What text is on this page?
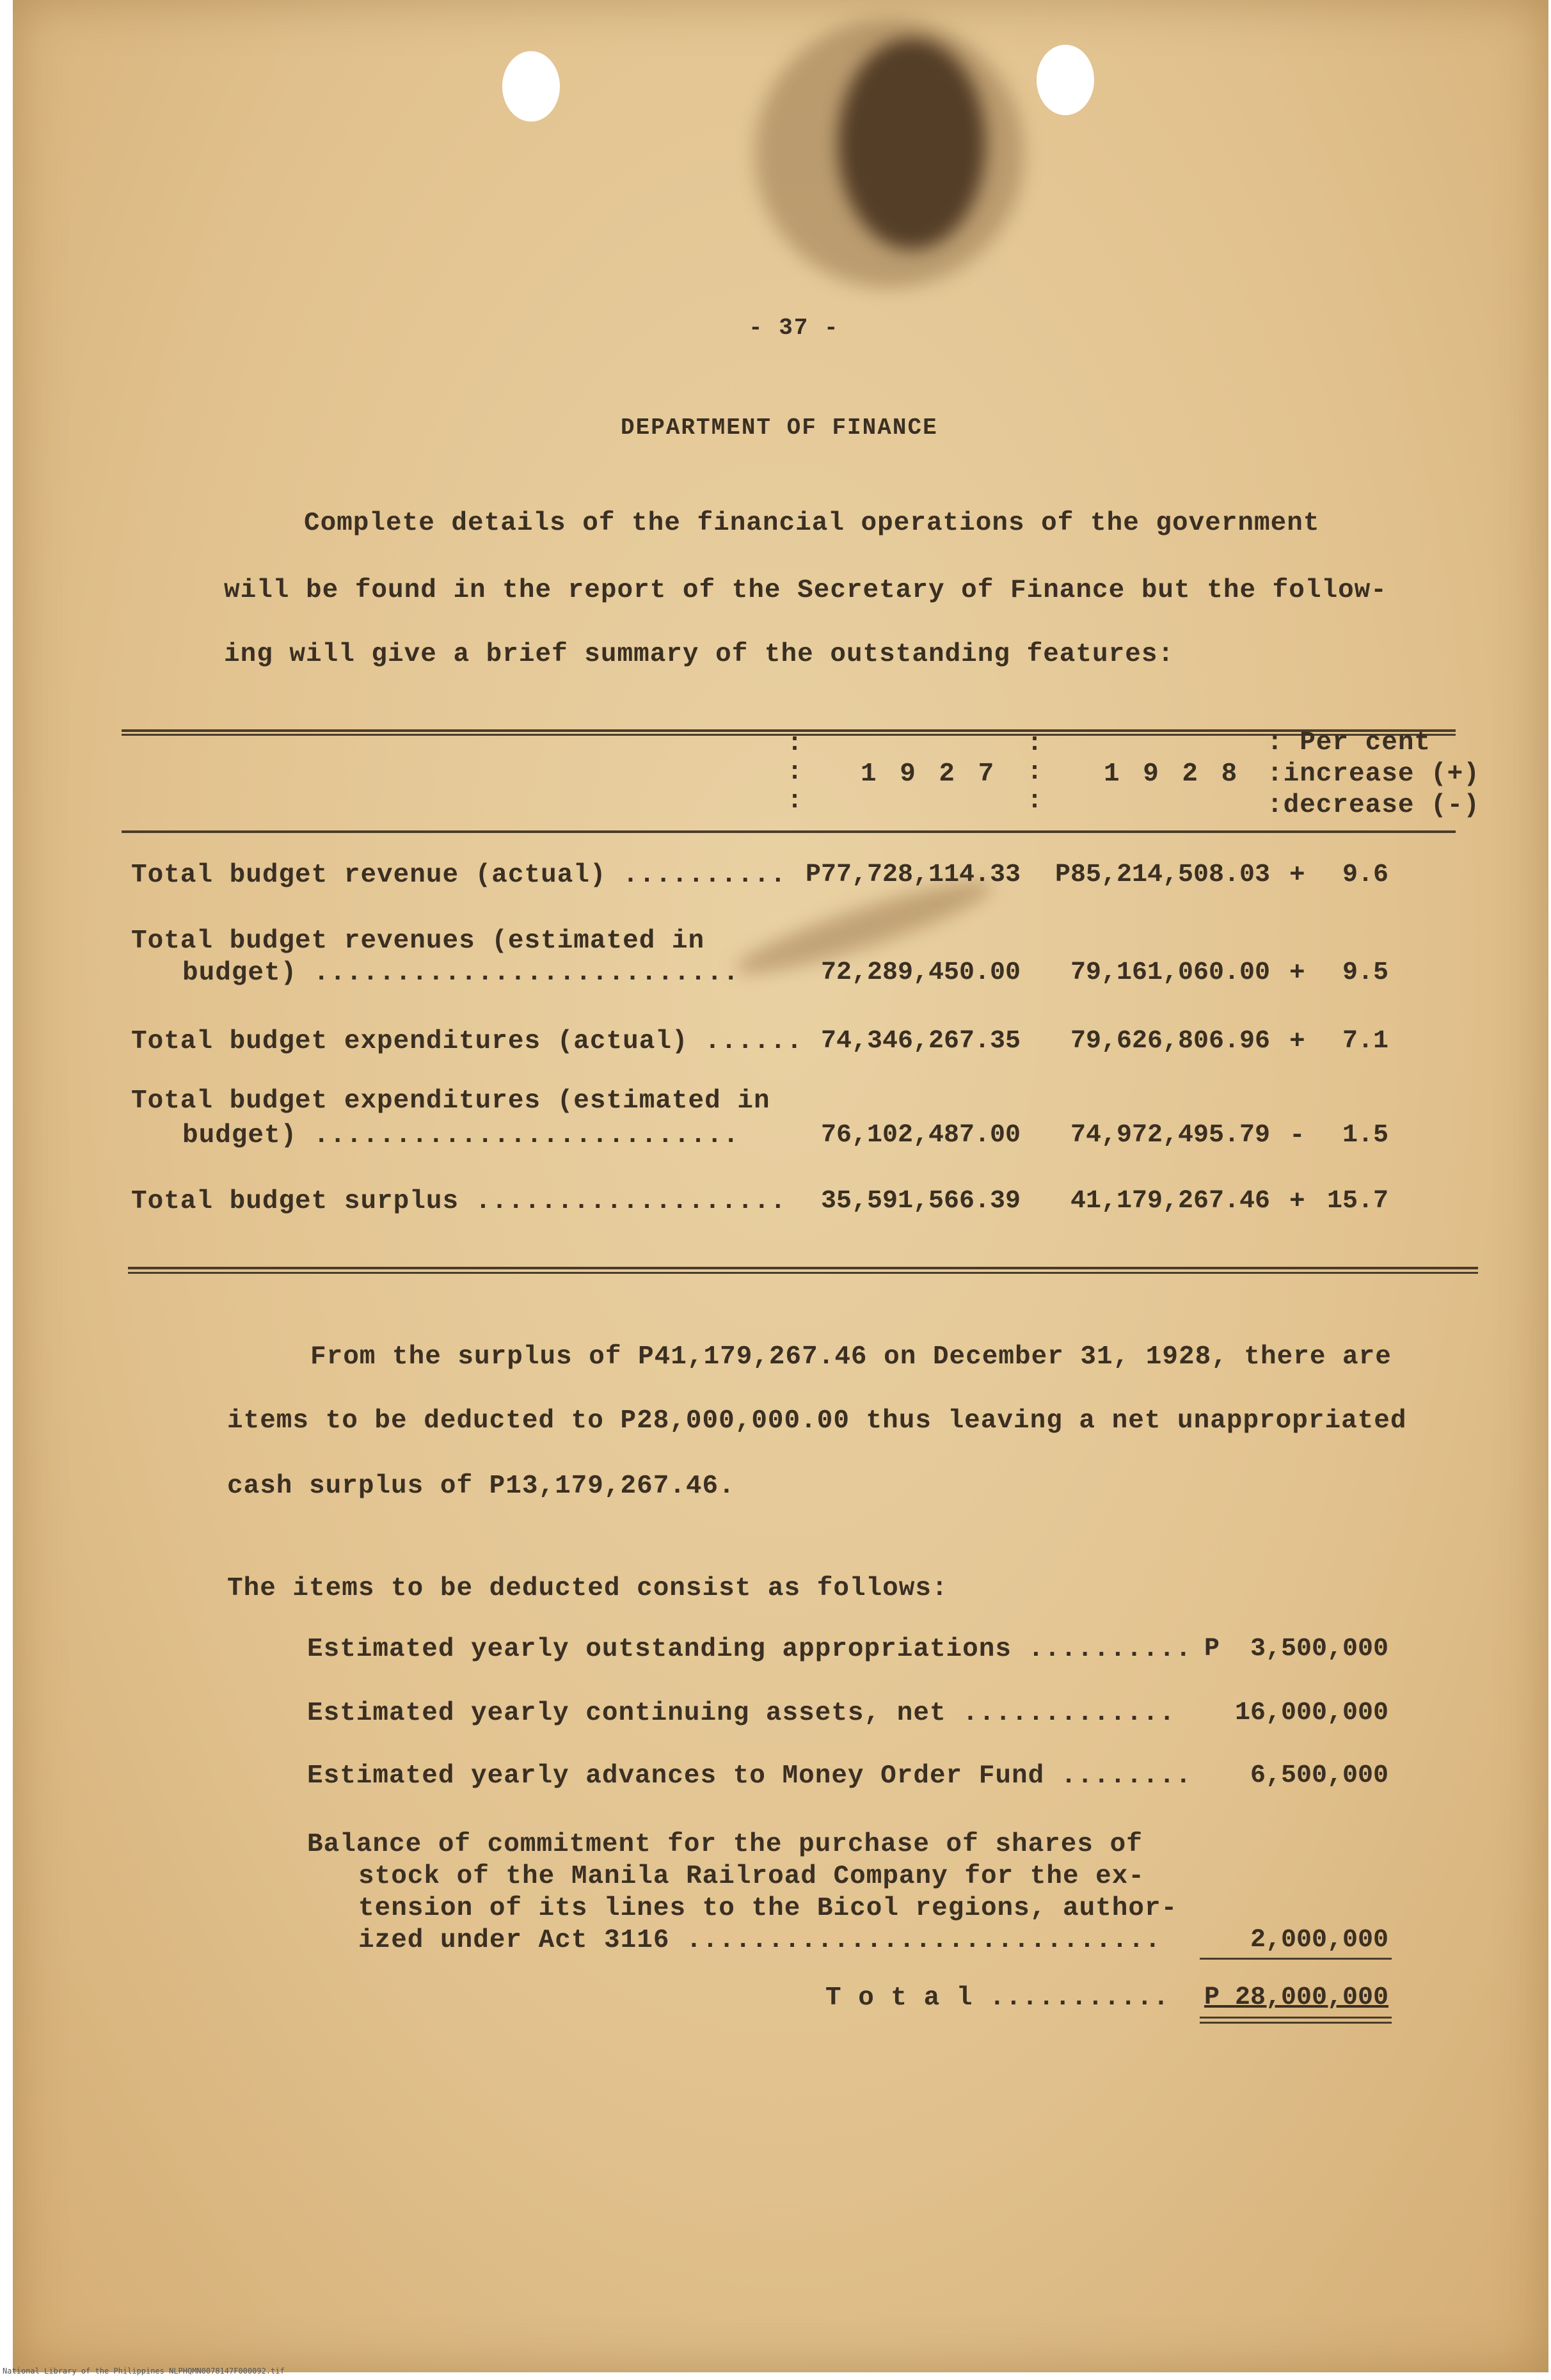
- 37 -
DEPARTMENT OF FINANCE
Complete details of the financial operations of the government
will be found in the report of the Secretary of Finance but the follow-
ing will give a brief summary of the outstanding features:
:
:
:
:
:
:
1 9 2 7	1 9 2 8
: Per cent
:increase (+)
:decrease (-)
Total budget revenue (actual) .......... P77,728,114.33	P85,214,508.03 +	9.6
Total budget revenues (estimated in
budget) ..........................	72,289,450.00	79,161,060.00 +	9.5
Total budget expenditures (actual) ...... 74,346,267.35	79,626,806.96 +	7.1
Total budget expenditures (estimated in
budget) ..........................	76,102,487.00	74,972,495.79 -	1.5
Total budget surplus ...................	35,591,566.39	41,179,267.46 + 15.7
From the surplus of P41,179,267.46 on December 31, 1928, there are
items to be deducted to P28,000,000.00 thus leaving a net unappropriated
cash surplus of P13,179,267.46.
The items to be deducted consist as follows:
Estimated yearly outstanding appropriations .......... P  3,500,000
Estimated yearly continuing assets, net .............	16,000,000
Estimated yearly advances to Money Order Fund ........	6,500,000
Balance of commitment for the purchase of shares of
stock of the Manila Railroad Company for the ex-
tension of its lines to the Bicol regions, author-
ized under Act 3116 .............................	2,000,000
T o t a l ...........	P 28,000,000
National Library of the Philippines NLPHQMN0078147F000092.tif
